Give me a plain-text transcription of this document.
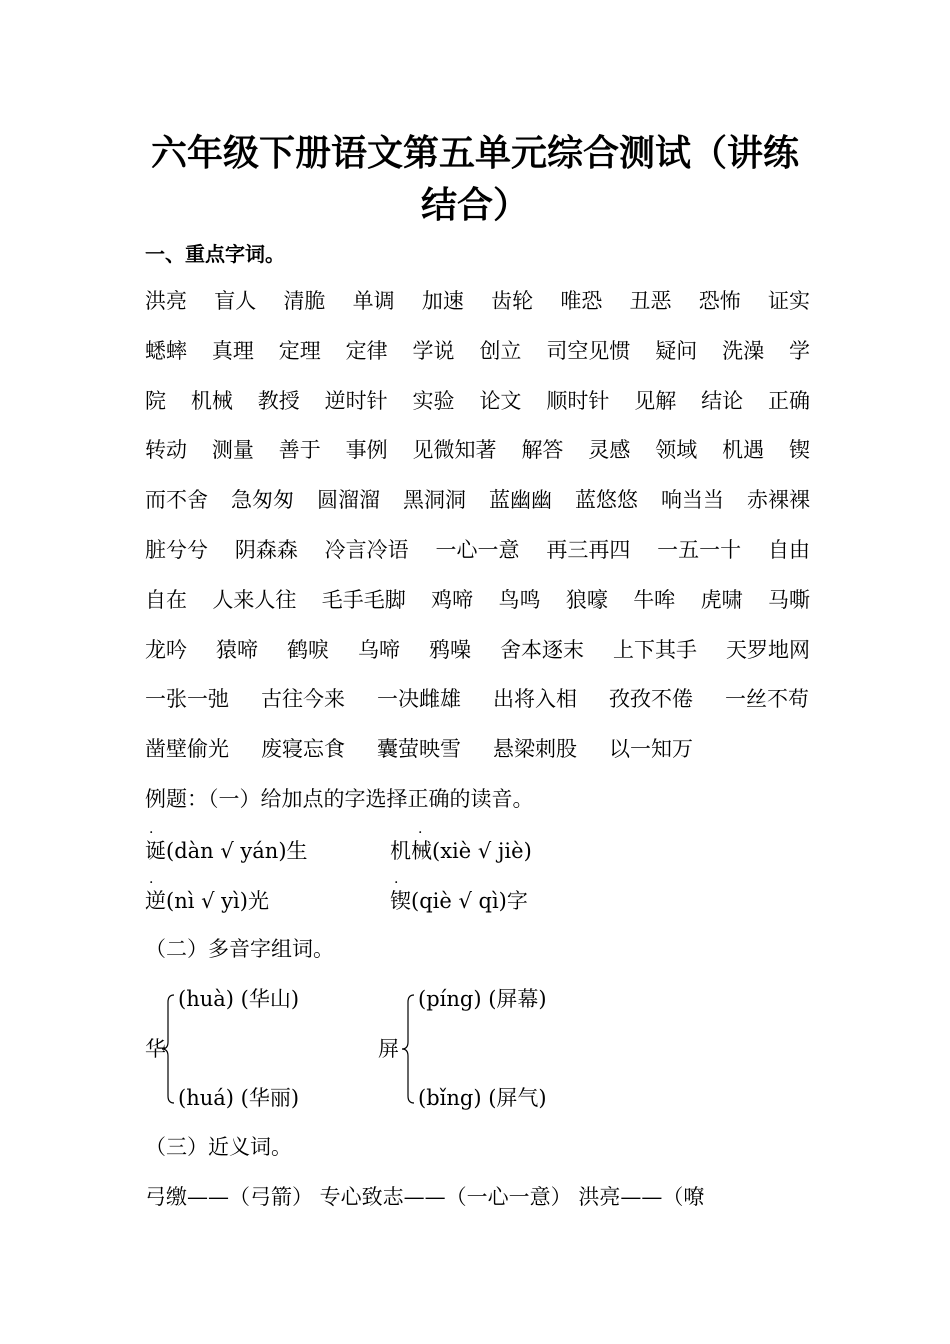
六年级下册语文第五单元综合测试（讲练
结合）
一、重点字词。
洪亮 盲人 清脆 单调 加速 齿轮 唯恐 丑恶 恐怖 证实
蟋蟀 真理 定理 定律 学说 创立 司空见惯 疑问 洗澡 学
院 机械 教授 逆时针 实验 论文 顺时针 见解 结论 正确
转动 测量 善于 事例 见微知著 解答 灵感 领域 机遇 锲
而不舍 急匆匆 圆溜溜 黑洞洞 蓝幽幽 蓝悠悠 响当当 赤裸裸
脏兮兮 阴森森 冷言冷语 一心一意 再三再四 一五一十 自由
自在 人来人往 毛手毛脚 鸡啼 鸟鸣 狼嚎 牛哞 虎啸 马嘶
龙吟 猿啼 鹤唳 乌啼 鸦噪 舍本逐末 上下其手 天罗地网
一张一弛 古往今来 一决雌雄 出将入相 孜孜不倦 一丝不苟
凿壁偷光 废寝忘食 囊萤映雪 悬梁刺股 以一知万
例题：（一）给加点的字选择正确的读音。
·
诞(dàn √ yán)生
·
机械(xiè √ jiè)
·
逆(nì √ yì)光
·
锲(qiè √ qì)字
（二）多音字组词。
华
(huà) (华山)
(huá) (华丽)
屏
(píng) (屏幕)
(bǐng) (屏气)
（三）近义词。
弓缴——（弓箭） 专心致志——（一心一意） 洪亮——（嘹
